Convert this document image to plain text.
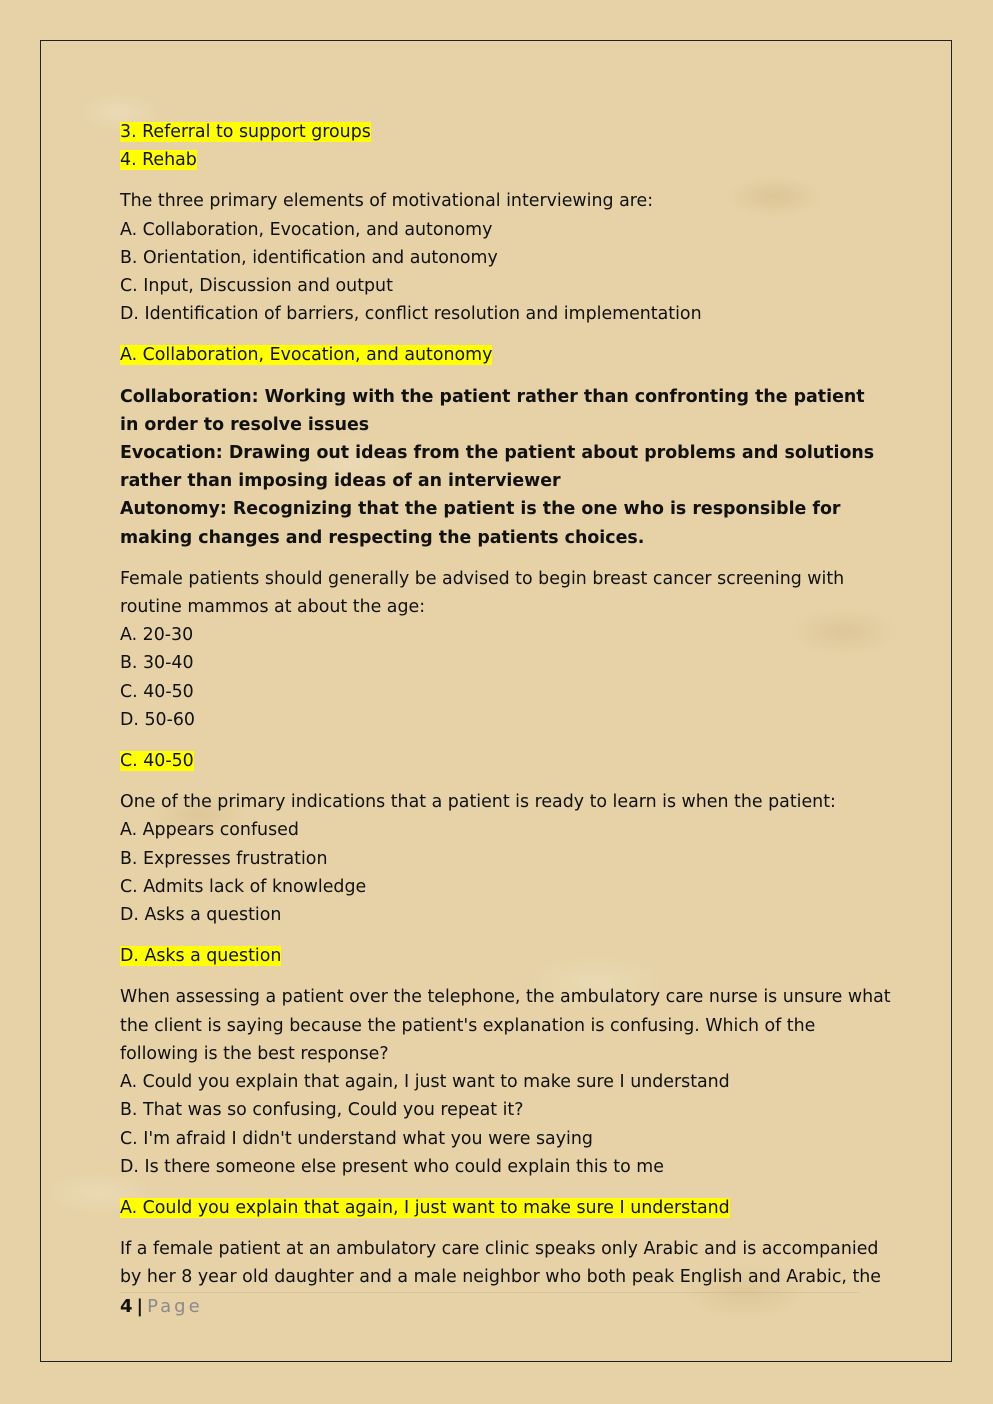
3. Referral to support groups
4. Rehab
The three primary elements of motivational interviewing are:
A. Collaboration, Evocation, and autonomy
B. Orientation, identification and autonomy
C. Input, Discussion and output
D. Identification of barriers, conflict resolution and implementation
A. Collaboration, Evocation, and autonomy
Collaboration: Working with the patient rather than confronting the patient in order to resolve issues
Evocation: Drawing out ideas from the patient about problems and solutions rather than imposing ideas of an interviewer
Autonomy: Recognizing that the patient is the one who is responsible for making changes and respecting the patients choices.
Female patients should generally be advised to begin breast cancer screening with
routine mammos at about the age:
A. 20-30
B. 30-40
C. 40-50
D. 50-60
C. 40-50
One of the primary indications that a patient is ready to learn is when the patient:
A. Appears confused
B. Expresses frustration
C. Admits lack of knowledge
D. Asks a question
D. Asks a question
When assessing a patient over the telephone, the ambulatory care nurse is unsure what
the client is saying because the patient's explanation is confusing. Which of the
following is the best response?
A. Could you explain that again, I just want to make sure I understand
B. That was so confusing, Could you repeat it?
C. I'm afraid I didn't understand what you were saying
D. Is there someone else present who could explain this to me
A. Could you explain that again, I just want to make sure I understand
If a female patient at an ambulatory care clinic speaks only Arabic and is accompanied
by her 8 year old daughter and a male neighbor who both peak English and Arabic, the
4 | Page
